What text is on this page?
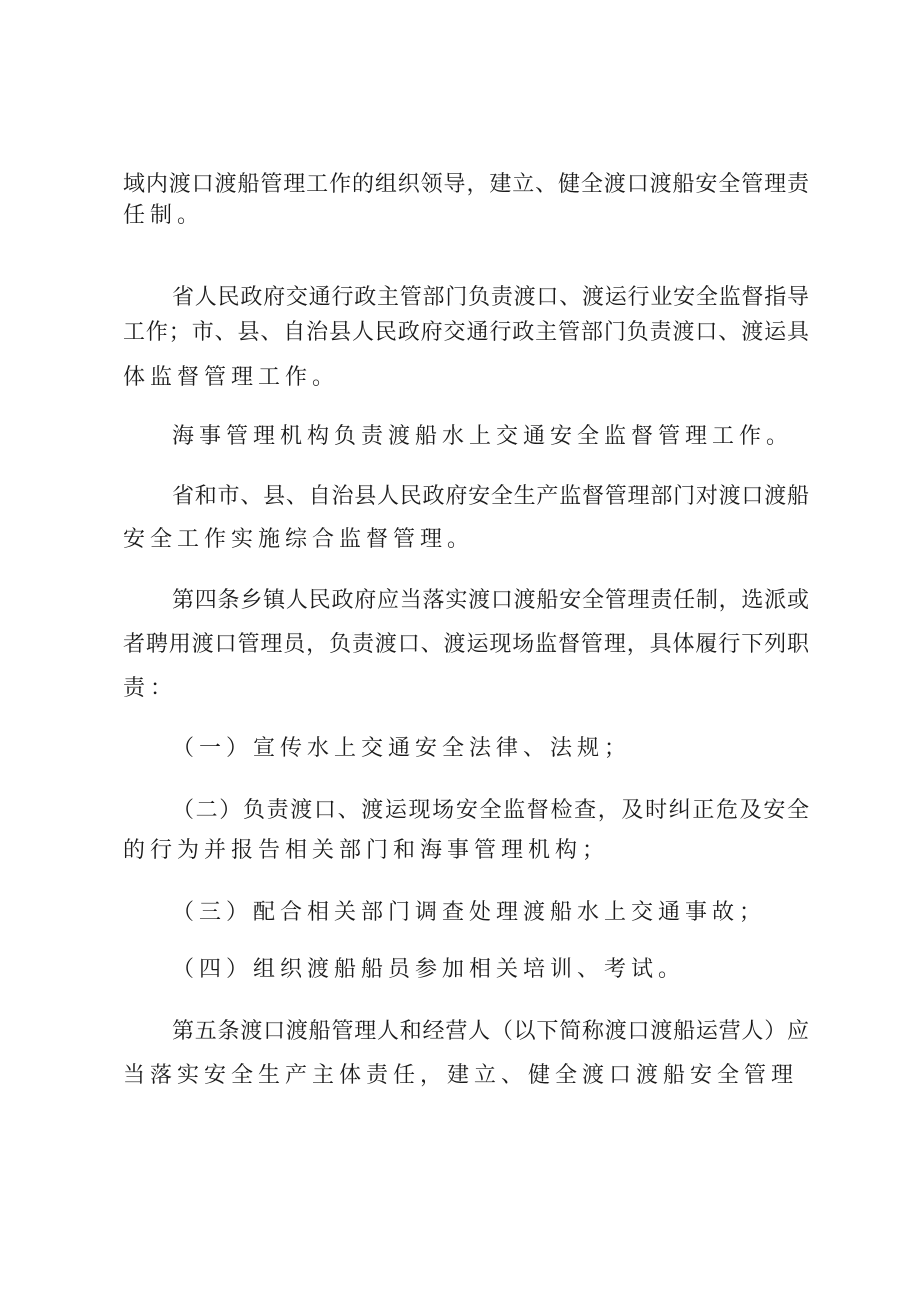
域内渡口渡船管理工作的组织领导，建立、健全渡口渡船安全管理责
任制。
省人民政府交通行政主管部门负责渡口、渡运行业安全监督指导
工作；市、县、自治县人民政府交通行政主管部门负责渡口、渡运具
体监督管理工作。
海事管理机构负责渡船水上交通安全监督管理工作。
省和市、县、自治县人民政府安全生产监督管理部门对渡口渡船
安全工作实施综合监督管理。
第四条乡镇人民政府应当落实渡口渡船安全管理责任制，选派或
者聘用渡口管理员，负责渡口、渡运现场监督管理，具体履行下列职
责：
（一）宣传水上交通安全法律、法规；
（二）负责渡口、渡运现场安全监督检查，及时纠正危及安全
的行为并报告相关部门和海事管理机构；
（三）配合相关部门调查处理渡船水上交通事故；
（四）组织渡船船员参加相关培训、考试。
第五条渡口渡船管理人和经营人（以下简称渡口渡船运营人）应
当落实安全生产主体责任，建立、健全渡口渡船安全管理
